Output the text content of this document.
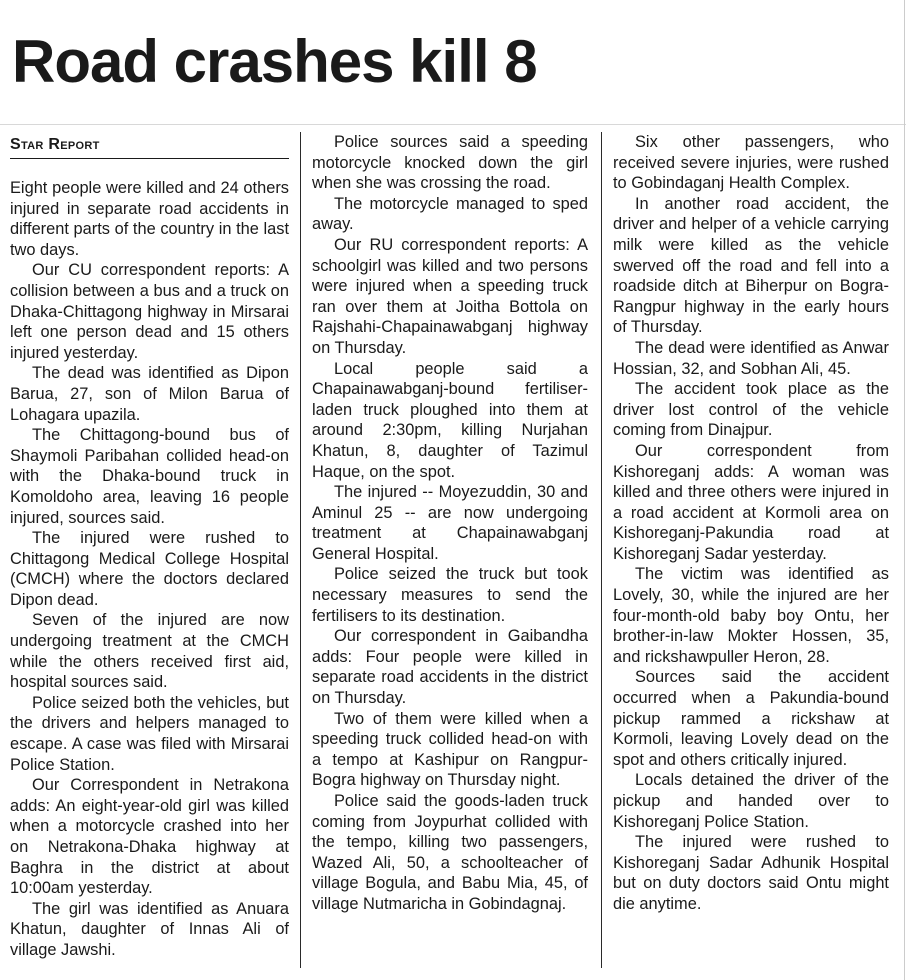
Road crashes kill 8
Star Report

Eight people were killed and 24 others injured in separate road accidents in different parts of the country in the last two days.

Our CU correspondent reports: A collision between a bus and a truck on Dhaka-Chittagong highway in Mirsarai left one person dead and 15 others injured yesterday.

The dead was identified as Dipon Barua, 27, son of Milon Barua of Lohagara upazila.

The Chittagong-bound bus of Shaymoli Paribahan collided head-on with the Dhaka-bound truck in Komoldoho area, leaving 16 people injured, sources said.

The injured were rushed to Chittagong Medical College Hospital (CMCH) where the doctors declared Dipon dead.

Seven of the injured are now undergoing treatment at the CMCH while the others received first aid, hospital sources said.

Police seized both the vehicles, but the drivers and helpers managed to escape. A case was filed with Mirsarai Police Station.

Our Correspondent in Netrakona adds: An eight-year-old girl was killed when a motorcycle crashed into her on Netrakona-Dhaka highway at Baghra in the district at about 10:00am yesterday.

The girl was identified as Anuara Khatun, daughter of Innas Ali of village Jawshi.

Police sources said a speeding motorcycle knocked down the girl when she was crossing the road.

The motorcycle managed to sped away.

Our RU correspondent reports: A schoolgirl was killed and two persons were injured when a speeding truck ran over them at Joitha Bottola on Rajshahi-Chapainawabganj highway on Thursday.

Local people said a Chapainawabganj-bound fertiliser-laden truck ploughed into them at around 2:30pm, killing Nurjahan Khatun, 8, daughter of Tazimul Haque, on the spot.

The injured -- Moyezuddin, 30 and Aminul 25 -- are now undergoing treatment at Chapainawabganj General Hospital.

Police seized the truck but took necessary measures to send the fertilisers to its destination.

Our correspondent in Gaibandha adds: Four people were killed in separate road accidents in the district on Thursday.

Two of them were killed when a speeding truck collided head-on with a tempo at Kashipur on Rangpur-Bogra highway on Thursday night.

Police said the goods-laden truck coming from Joypurhat collided with the tempo, killing two passengers, Wazed Ali, 50, a schoolteacher of village Bogula, and Babu Mia, 45, of village Nutmaricha in Gobindagnaj.

Six other passengers, who received severe injuries, were rushed to Gobindaganj Health Complex.

In another road accident, the driver and helper of a vehicle carrying milk were killed as the vehicle swerved off the road and fell into a roadside ditch at Biherpur on Bogra-Rangpur highway in the early hours of Thursday.

The dead were identified as Anwar Hossian, 32, and Sobhan Ali, 45.

The accident took place as the driver lost control of the vehicle coming from Dinajpur.

Our correspondent from Kishoreganj adds: A woman was killed and three others were injured in a road accident at Kormoli area on Kishoreganj-Pakundia road at Kishoreganj Sadar yesterday.

The victim was identified as Lovely, 30, while the injured are her four-month-old baby boy Ontu, her brother-in-law Mokter Hossen, 35, and rickshawpuller Heron, 28.

Sources said the accident occurred when a Pakundia-bound pickup rammed a rickshaw at Kormoli, leaving Lovely dead on the spot and others critically injured.

Locals detained the driver of the pickup and handed over to Kishoreganj Police Station.

The injured were rushed to Kishoreganj Sadar Adhunik Hospital but on duty doctors said Ontu might die anytime.
